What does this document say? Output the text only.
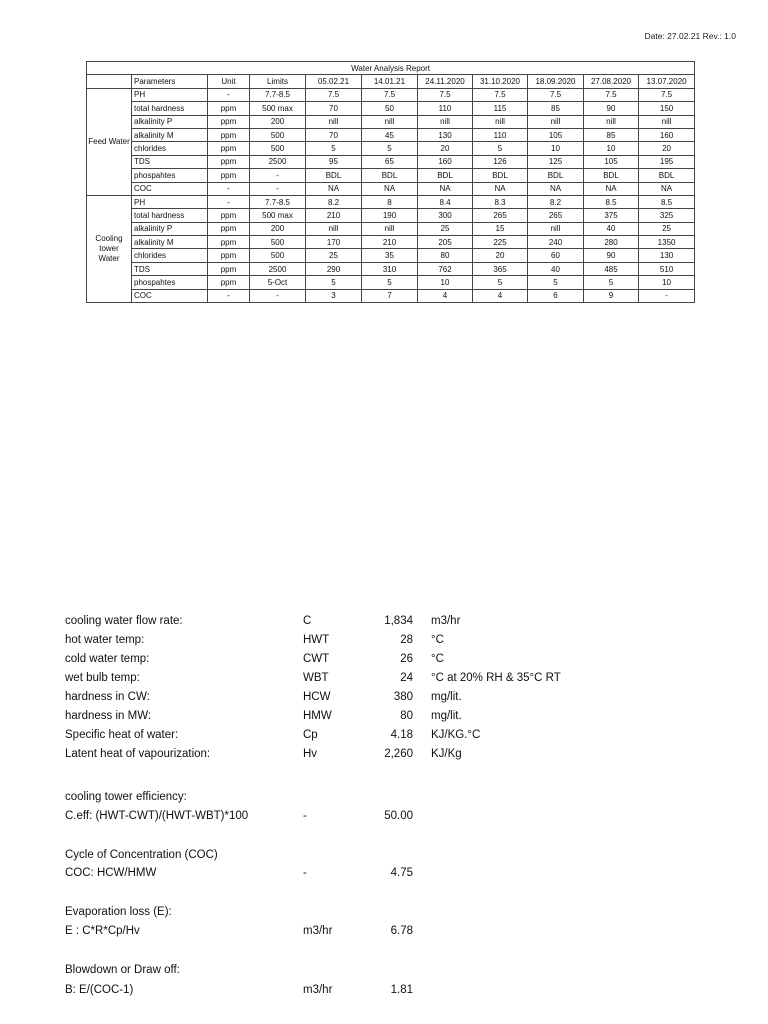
Date: 27.02.21 Rev.: 1.0
Water Analysis Report										
	Parameters	Unit	Limits	05.02.21	14.01.21	24.11.2020	31.10.2020	18.09.2020	27.08.2020	13.07.2020
Feed Water	PH	-	7.7-8.5	7.5	7.5	7.5	7.5	7.5	7.5	7.5
	total hardness	ppm	500 max	70	50	110	115	85	90	150
	alkalinity P	ppm	200	nill	nill	nill	nill	nill	nill	nill
	alkalinity M	ppm	500	70	45	130	110	105	85	160
	chlorides	ppm	500	5	5	20	5	10	10	20
	TDS	ppm	2500	95	65	160	126	125	105	195
	phospahtes	ppm	-	BDL	BDL	BDL	BDL	BDL	BDL	BDL
	COC	-	-	NA	NA	NA	NA	NA	NA	NA
Cooling tower Water	PH	-	7.7-8.5	8.2	8	8.4	8.3	8.2	8.5	8.5
	total hardness	ppm	500 max	210	190	300	265	265	375	325
	alkalinity P	ppm	200	nill	nill	25	15	nill	40	25
	alkalinity M	ppm	500	170	210	205	225	240	280	1350
	chlorides	ppm	500	25	35	80	20	60	90	130
	TDS	ppm	2500	290	310	762	365	40	485	510
	phospahtes	ppm	5-Oct	5	5	10	5	5	5	10
	COC	-	-	3	7	4	4	6	9	-
cooling water flow rate:	C	1,834 m3/hr
hot water temp:	HWT	28 °C
cold water temp:	CWT	26 °C
wet bulb temp:	WBT	24 °C at 20% RH & 35°C RT
hardness in CW:	HCW	380 mg/lit.
hardness in MW:	HMW	80 mg/lit.
Specific heat of water:	Cp	4.18 KJ/KG.°C
Latent heat of vapourization:	Hv	2,260 KJ/Kg
cooling tower efficiency:
C.eff: (HWT-CWT)/(HWT-WBT)*100	-	50.00
Cycle of Concentration (COC)
COC: HCW/HMW	-	4.75
Evaporation loss (E):
E : C*R*Cp/Hv	m3/hr	6.78
Blowdown or Draw off:
B: E/(COC-1)	m3/hr	1.81
